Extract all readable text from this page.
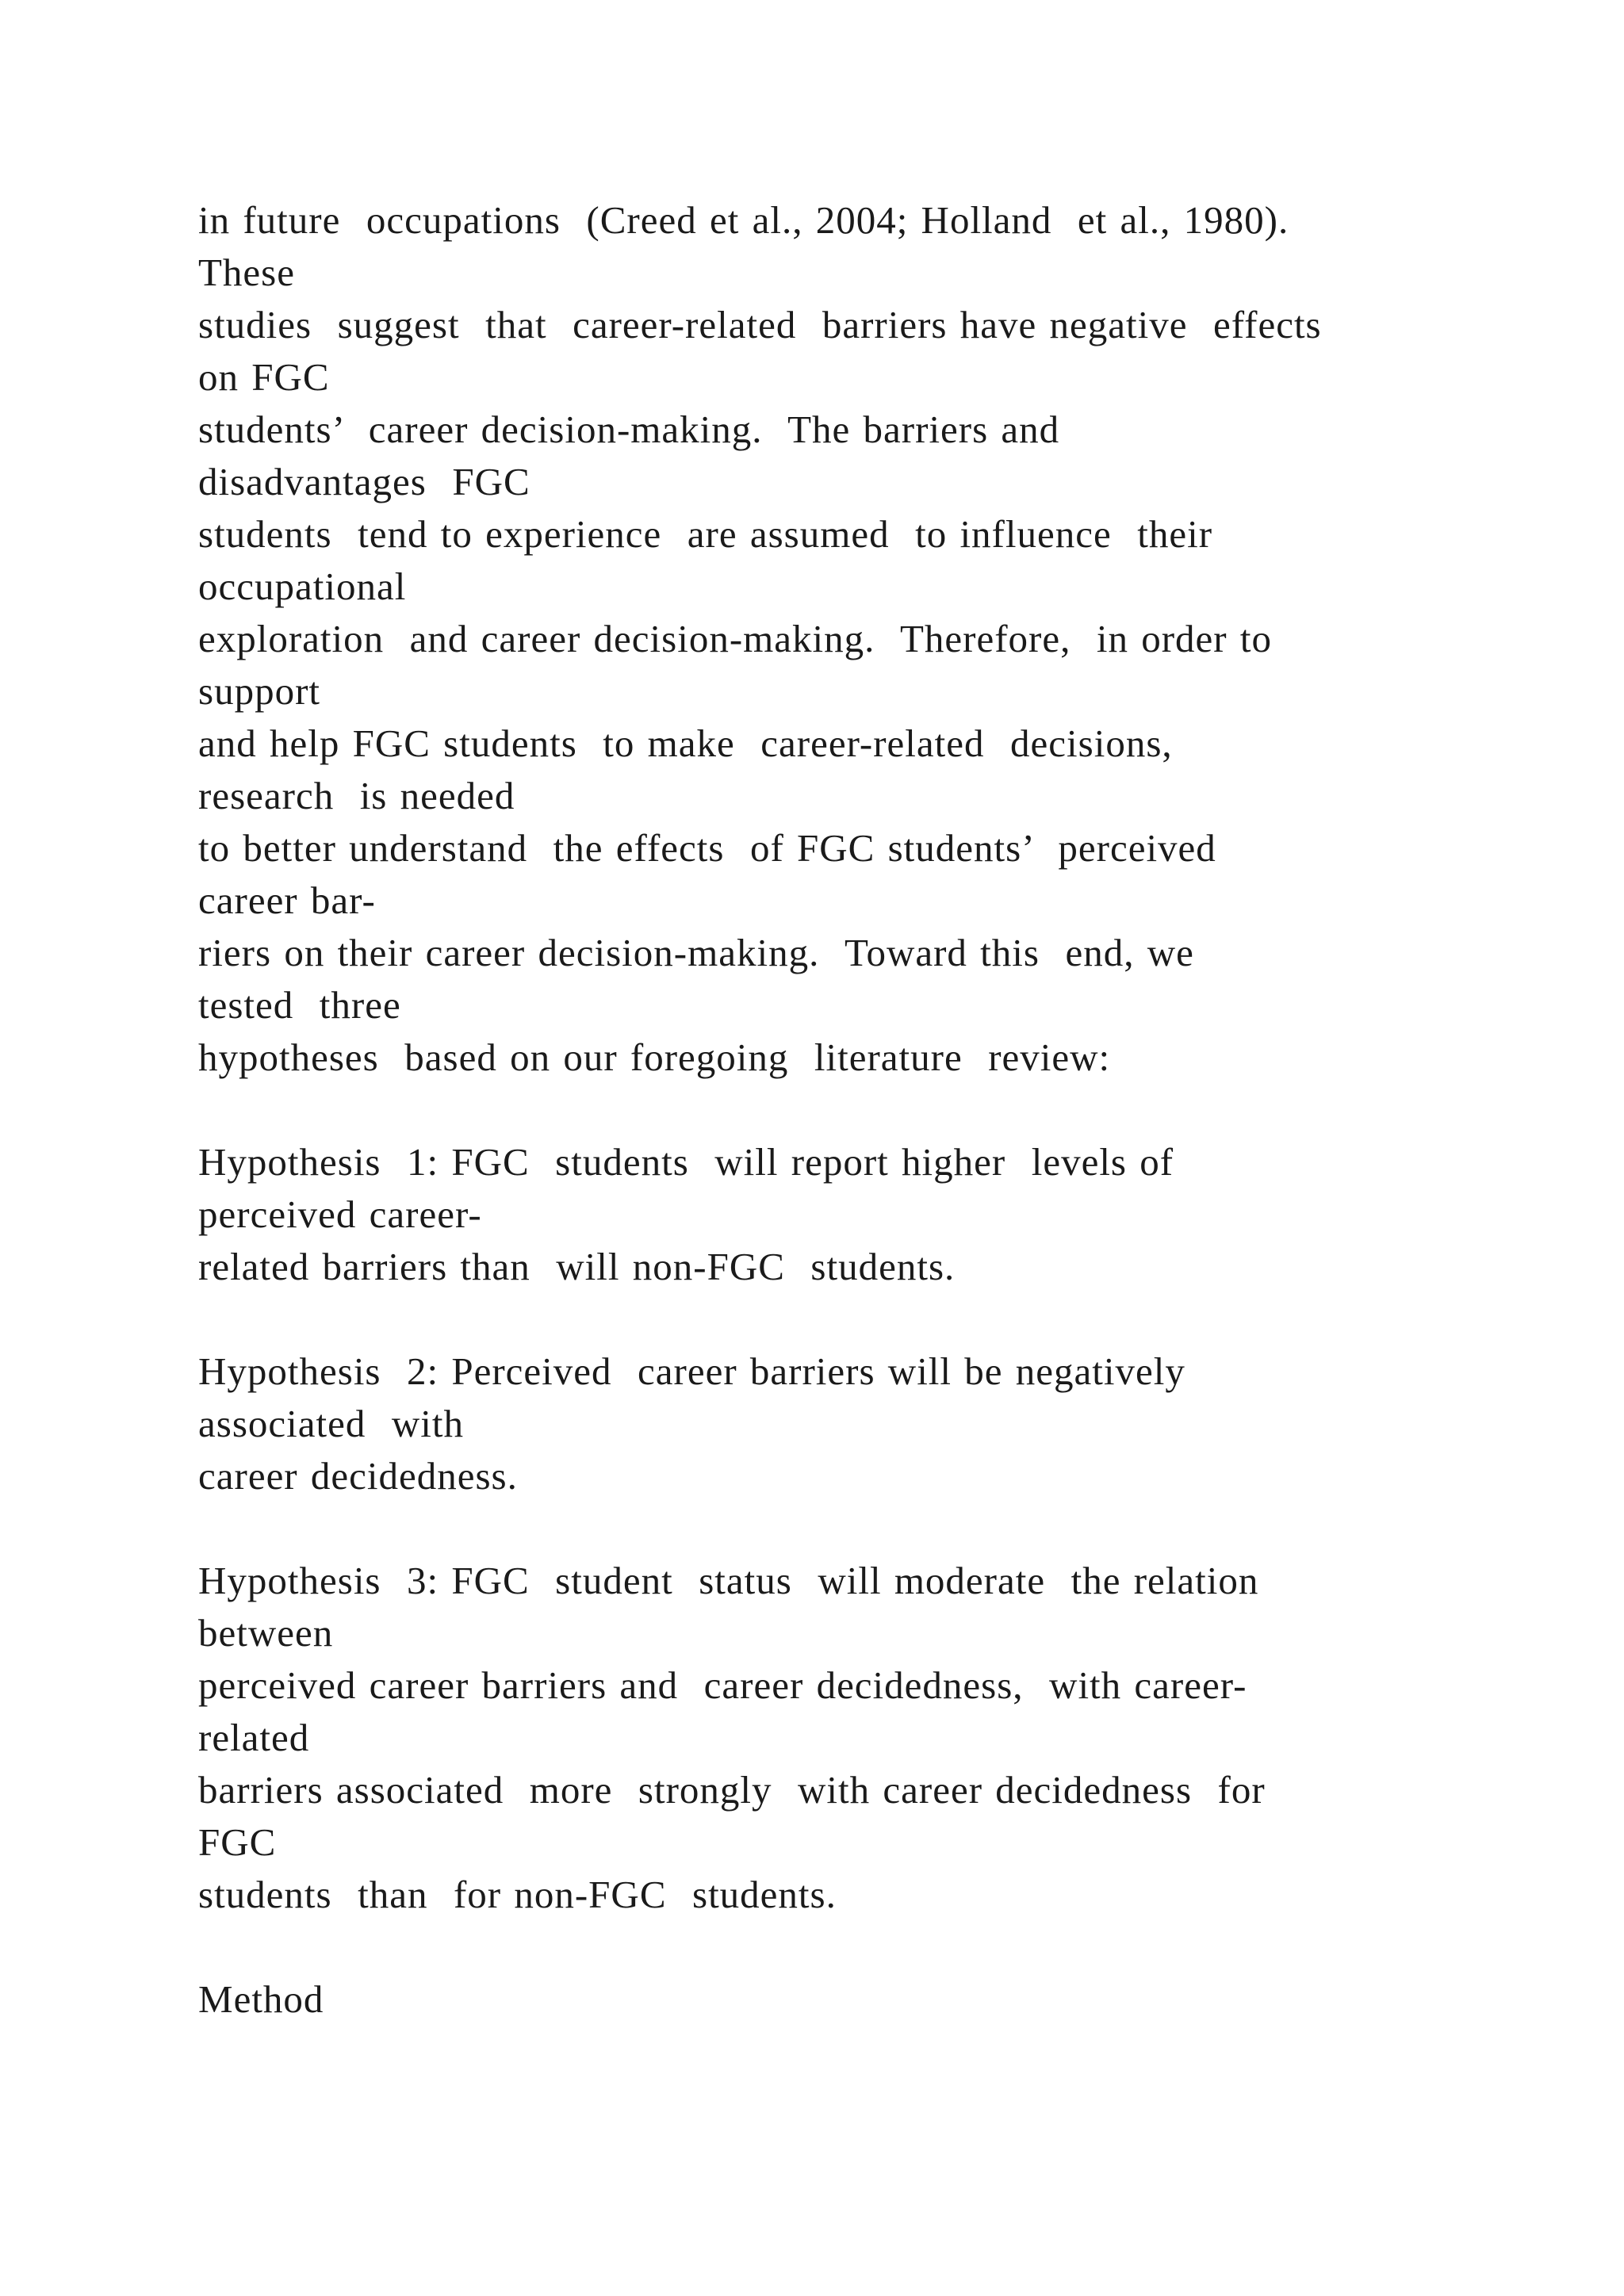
in future  occupations  (Creed et al., 2004; Holland  et al., 1980).
These
studies  suggest  that  career-related  barriers have negative  effects
on FGC
students’  career decision-making.  The barriers and
disadvantages  FGC
students  tend to experience  are assumed  to influence  their
occupational
exploration  and career decision-making.  Therefore,  in order to
support
and help FGC students  to make  career-related  decisions,
research  is needed
to better understand  the effects  of FGC students’  perceived
career bar-
riers on their career decision-making.  Toward this  end, we
tested  three
hypotheses  based on our foregoing  literature  review:
Hypothesis  1: FGC  students  will report higher  levels of
perceived career-
related barriers than  will non-FGC  students.
Hypothesis  2: Perceived  career barriers will be negatively
associated  with
career decidedness.
Hypothesis  3: FGC  student  status  will moderate  the relation
between
perceived career barriers and  career decidedness,  with career-
related
barriers associated  more  strongly  with career decidedness  for
FGC
students  than  for non-FGC  students.
Method
